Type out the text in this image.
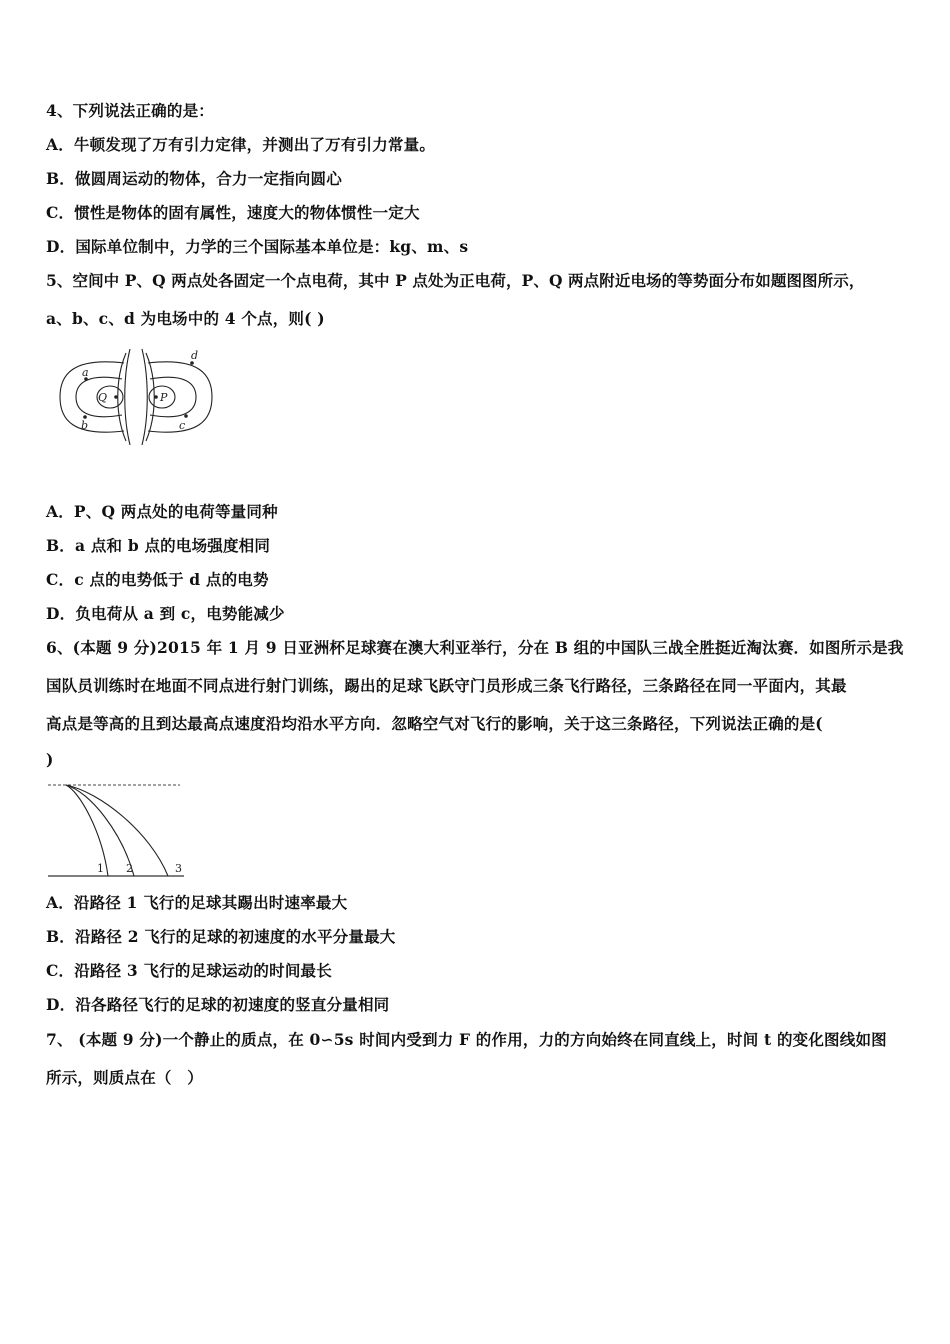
4、下列说法正确的是：
A．牛顿发现了万有引力定律，并测出了万有引力常量。
B．做圆周运动的物体，合力一定指向圆心
C．惯性是物体的固有属性，速度大的物体惯性一定大
D．国际单位制中，力学的三个国际基本单位是：kg、m、s
5、空间中 P、Q 两点处各固定一个点电荷，其中 P 点处为正电荷，P、Q 两点附近电场的等势面分布如题图图所示，
a、b、c、d 为电场中的 4 个点，则( )
Q	P
a
b	c
d
A．P、Q 两点处的电荷等量同种
B．a 点和 b 点的电场强度相同
C．c 点的电势低于 d 点的电势
D．负电荷从 a 到 c，电势能减少
6、(本题 9 分)2015 年 1 月 9 日亚洲杯足球赛在澳大利亚举行，分在 B 组的中国队三战全胜挺近淘汰赛．如图所示是我
国队员训练时在地面不同点进行射门训练，踢出的足球飞跃守门员形成三条飞行路径，三条路径在同一平面内，其最
高点是等高的且到达最高点速度沿均沿水平方向．忽略空气对飞行的影响，关于这三条路径，下列说法正确的是(
)
1 2	3
A．沿路径 1 飞行的足球其踢出时速率最大
B．沿路径 2 飞行的足球的初速度的水平分量最大
C．沿路径 3 飞行的足球运动的时间最长
D．沿各路径飞行的足球的初速度的竖直分量相同
7、 (本题 9 分)一个静止的质点，在 0∽5s 时间内受到力 F 的作用，力的方向始终在同直线上，时间 t 的变化图线如图
所示，则质点在（　）
